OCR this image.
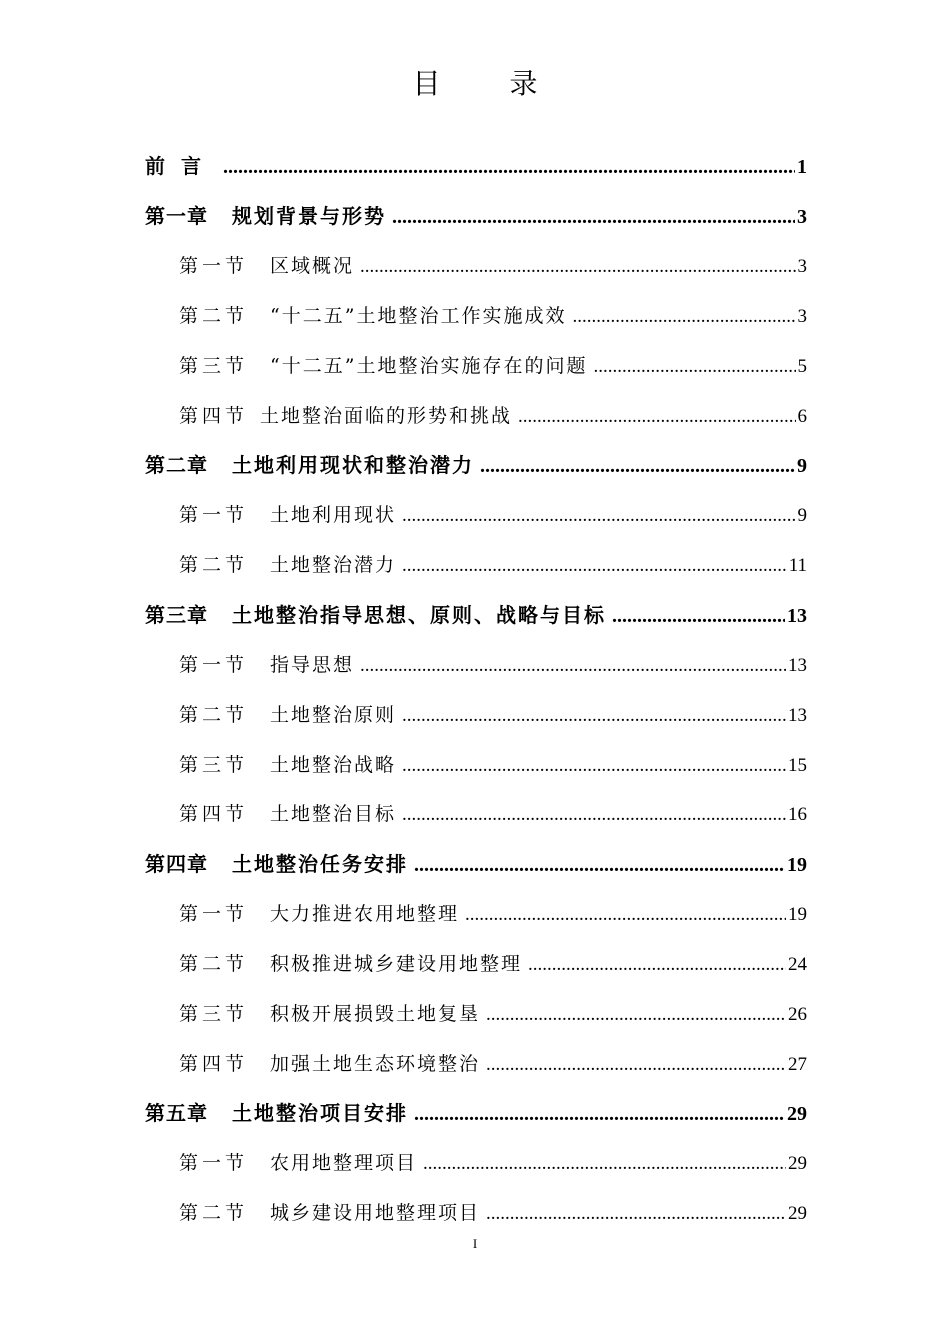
目 录
前言 .....	1
第一章 规划背景与形势 .....	3
第一节 区域概况 .....	3
第二节 “十二五”土地整治工作实施成效 .....	3
第三节 “十二五”土地整治实施存在的问题 .....	5
第四节 土地整治面临的形势和挑战 .....	6
第二章 土地利用现状和整治潜力 .....	9
第一节 土地利用现状 .....	9
第二节 土地整治潜力 .....	11
第三章 土地整治指导思想、原则、战略与目标 .....	13
第一节 指导思想 .....	13
第二节 土地整治原则 .....	13
第三节 土地整治战略 .....	15
第四节 土地整治目标 .....	16
第四章 土地整治任务安排 .....	19
第一节 大力推进农用地整理 .....	19
第二节 积极推进城乡建设用地整理 .....	24
第三节 积极开展损毁土地复垦 .....	26
第四节 加强土地生态环境整治 .....	27
第五章 土地整治项目安排 .....	29
第一节 农用地整理项目 .....	29
第二节 城乡建设用地整理项目 .....	29
I
